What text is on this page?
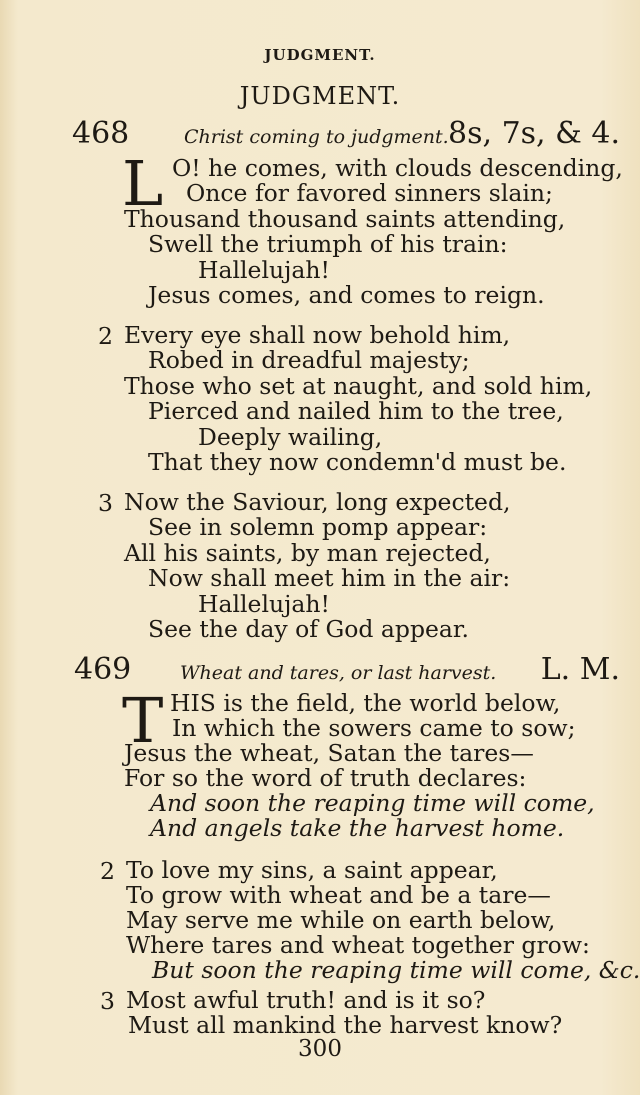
JUDGMENT.
JUDGMENT.
468	Christ coming to judgment. 8s, 7s, & 4.
L O! he comes, with clouds descending,
Once for favored sinners slain;
Thousand thousand saints attending,
Swell the triumph of his train:
Hallelujah!
Jesus comes, and comes to reign.
2 Every eye shall now behold him,
Robed in dreadful majesty;
Those who set at naught, and sold him,
Pierced and nailed him to the tree,
Deeply wailing,
That they now condemn'd must be.
3 Now the Saviour, long expected,
See in solemn pomp appear:
All his saints, by man rejected,
Now shall meet him in the air:
Hallelujah!
See the day of God appear.
469	Wheat and tares, or last harvest. L. M.
T HIS is the field, the world below,
In which the sowers came to sow;
Jesus the wheat, Satan the tares—
For so the word of truth declares:
And soon the reaping time will come,
And angels take the harvest home.
2 To love my sins, a saint appear,
To grow with wheat and be a tare—
May serve me while on earth below,
Where tares and wheat together grow:
But soon the reaping time will come, &c.
3 Most awful truth! and is it so?
Must all mankind the harvest know?
300
